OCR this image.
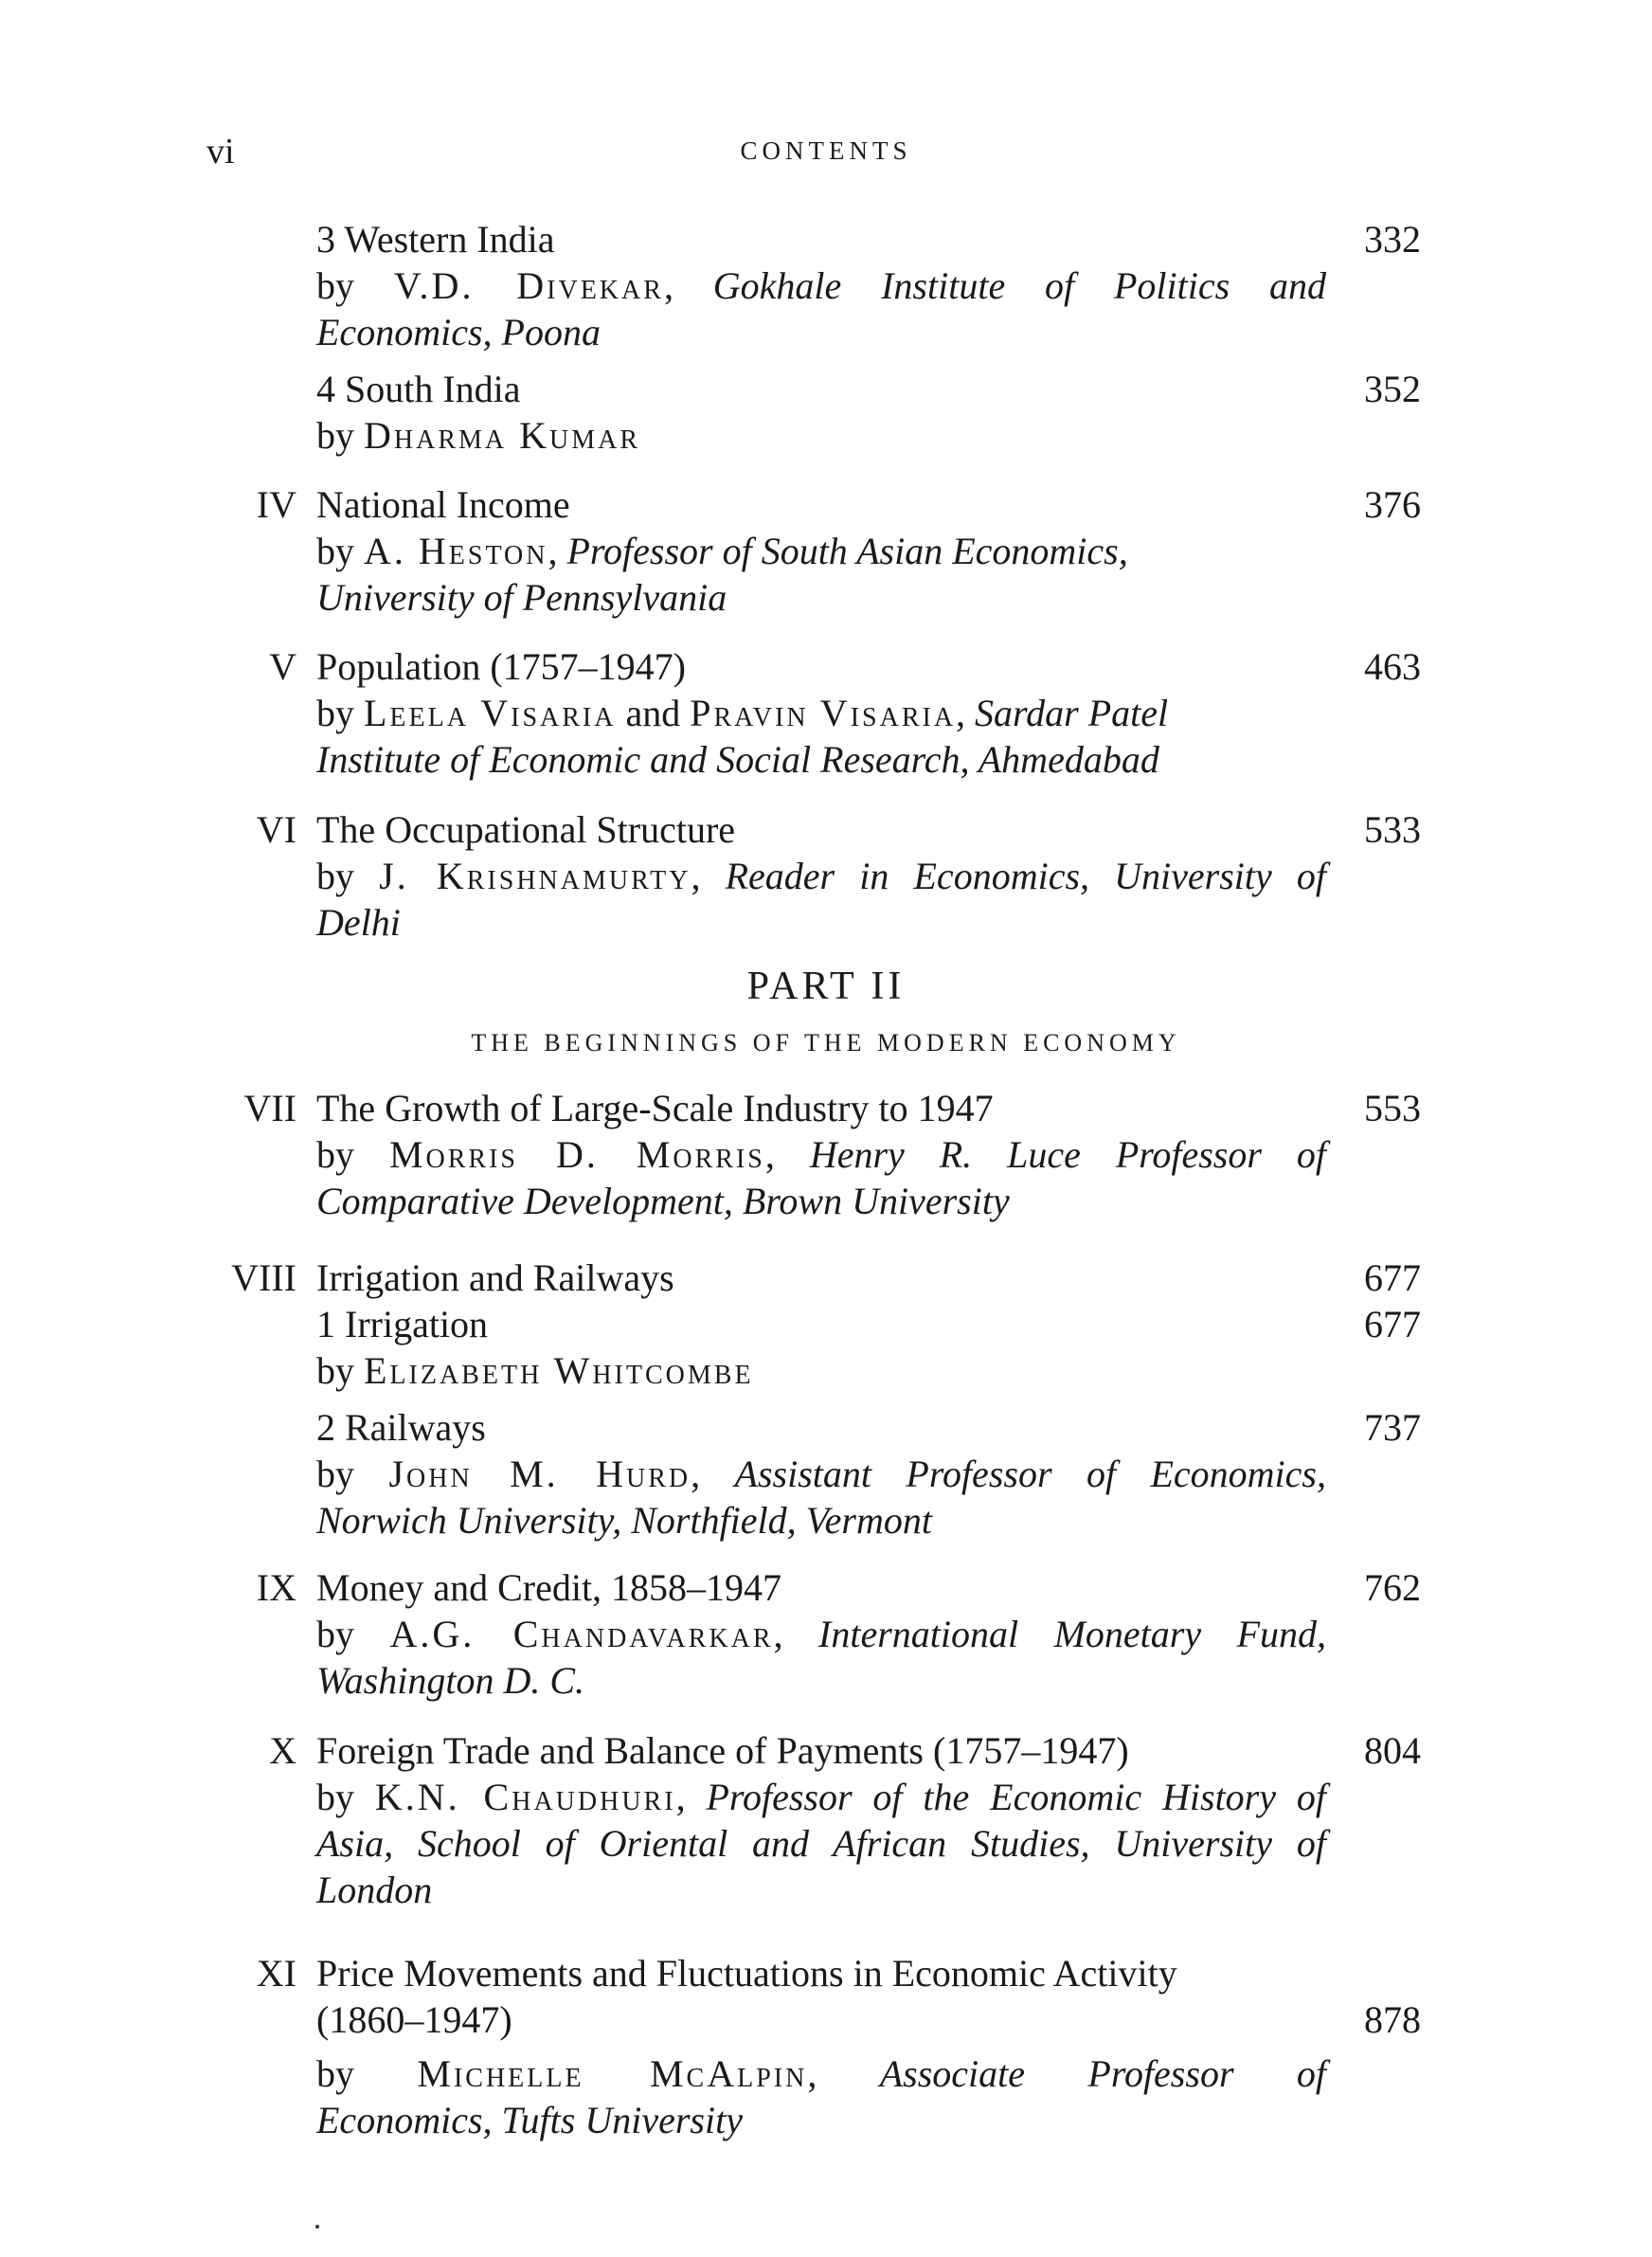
vi	CONTENTS
3 Western India	332
by V.D. Divekar, Gokhale Institute of Politics and
Economics, Poona
4 South India	352
by Dharma Kumar
IV National Income	376
by A. Heston, Professor of South Asian Economics,
University of Pennsylvania
V Population (1757–1947)	463
by Leela Visaria and Pravin Visaria, Sardar Patel
Institute of Economic and Social Research, Ahmedabad
VI The Occupational Structure	533
by J. Krishnamurty, Reader in Economics, University of
Delhi
PART II
THE BEGINNINGS OF THE MODERN ECONOMY
VII The Growth of Large-Scale Industry to 1947	553
by Morris D. Morris, Henry R. Luce Professor of
Comparative Development, Brown University
VIII Irrigation and Railways	677
1 Irrigation	677
by Elizabeth Whitcombe
2 Railways	737
by John M. Hurd, Assistant Professor of Economics,
Norwich University, Northfield, Vermont
IX Money and Credit, 1858–1947	762
by A.G. Chandavarkar, International Monetary Fund,
Washington D. C.
X Foreign Trade and Balance of Payments (1757–1947)	804
by K.N. Chaudhuri, Professor of the Economic History of
Asia, School of Oriental and African Studies, University of
London
XI Price Movements and Fluctuations in Economic Activity
(1860–1947)	878
by Michelle McAlpin, Associate Professor of
Economics, Tufts University
